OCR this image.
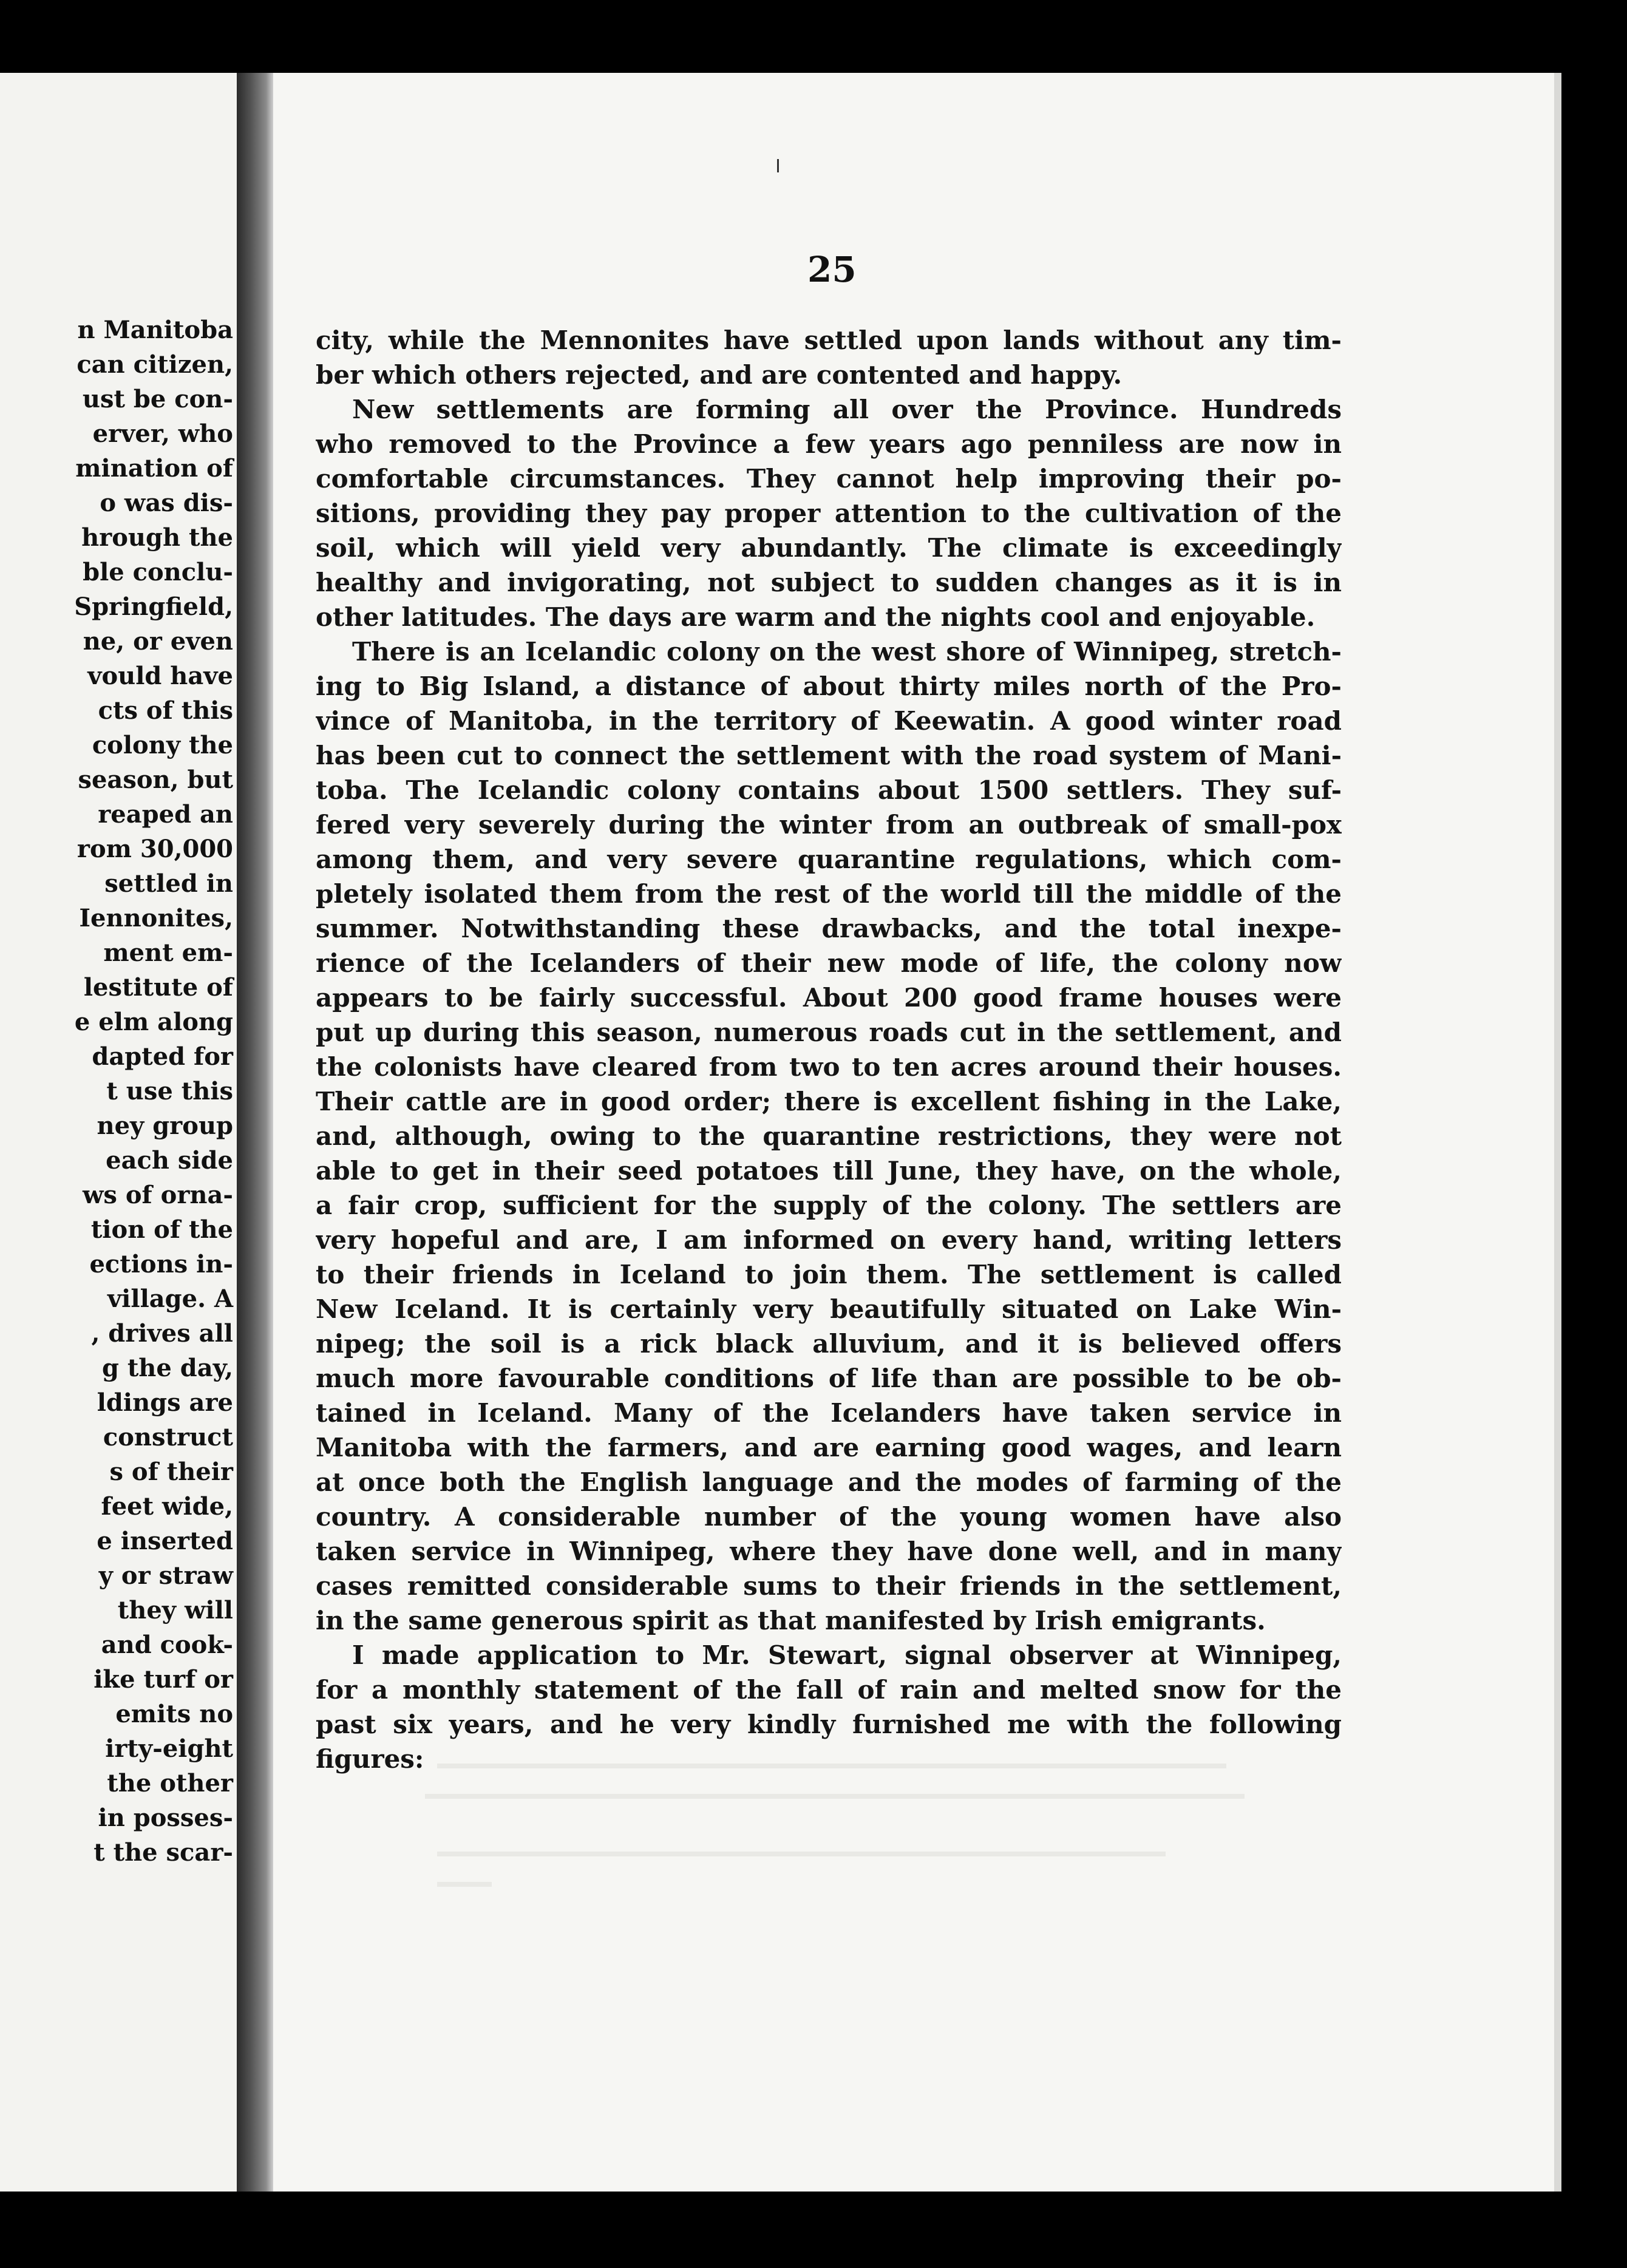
n Manitoba
can citizen,
ust be con-
erver, who
mination of
o was dis-
hrough the
ble conclu-
Springfield,
ne, or even
vould have
cts of this
colony the
season, but
reaped an
rom 30,000
settled in
Iennonites,
ment em-
lestitute of
e elm along
dapted for
t use this
ney group
each side
ws of orna-
tion of the
ections in-
village. A
, drives all
g the day,
ldings are
construct
s of their
feet wide,
e inserted
y or straw
they will
and cook-
ike turf or
emits no
irty-eight
the other
in posses-
t the scar-
25
city, while the Mennonites have settled upon lands without any tim-
ber which others rejected, and are contented and happy.
New settlements are forming all over the Province. Hundreds
who removed to the Province a few years ago penniless are now in
comfortable circumstances. They cannot help improving their po-
sitions, providing they pay proper attention to the cultivation of the
soil, which will yield very abundantly. The climate is exceedingly
healthy and invigorating, not subject to sudden changes as it is in
other latitudes. The days are warm and the nights cool and enjoyable.
There is an Icelandic colony on the west shore of Winnipeg, stretch-
ing to Big Island, a distance of about thirty miles north of the Pro-
vince of Manitoba, in the territory of Keewatin. A good winter road
has been cut to connect the settlement with the road system of Mani-
toba. The Icelandic colony contains about 1500 settlers. They suf-
fered very severely during the winter from an outbreak of small-pox
among them, and very severe quarantine regulations, which com-
pletely isolated them from the rest of the world till the middle of the
summer. Notwithstanding these drawbacks, and the total inexpe-
rience of the Icelanders of their new mode of life, the colony now
appears to be fairly successful. About 200 good frame houses were
put up during this season, numerous roads cut in the settlement, and
the colonists have cleared from two to ten acres around their houses.
Their cattle are in good order; there is excellent fishing in the Lake,
and, although, owing to the quarantine restrictions, they were not
able to get in their seed potatoes till June, they have, on the whole,
a fair crop, sufficient for the supply of the colony. The settlers are
very hopeful and are, I am informed on every hand, writing letters
to their friends in Iceland to join them. The settlement is called
New Iceland. It is certainly very beautifully situated on Lake Win-
nipeg; the soil is a rick black alluvium, and it is believed offers
much more favourable conditions of life than are possible to be ob-
tained in Iceland. Many of the Icelanders have taken service in
Manitoba with the farmers, and are earning good wages, and learn
at once both the English language and the modes of farming of the
country. A considerable number of the young women have also
taken service in Winnipeg, where they have done well, and in many
cases remitted considerable sums to their friends in the settlement,
in the same generous spirit as that manifested by Irish emigrants.
I made application to Mr. Stewart, signal observer at Winnipeg,
for a monthly statement of the fall of rain and melted snow for the
past six years, and he very kindly furnished me with the following
figures:
